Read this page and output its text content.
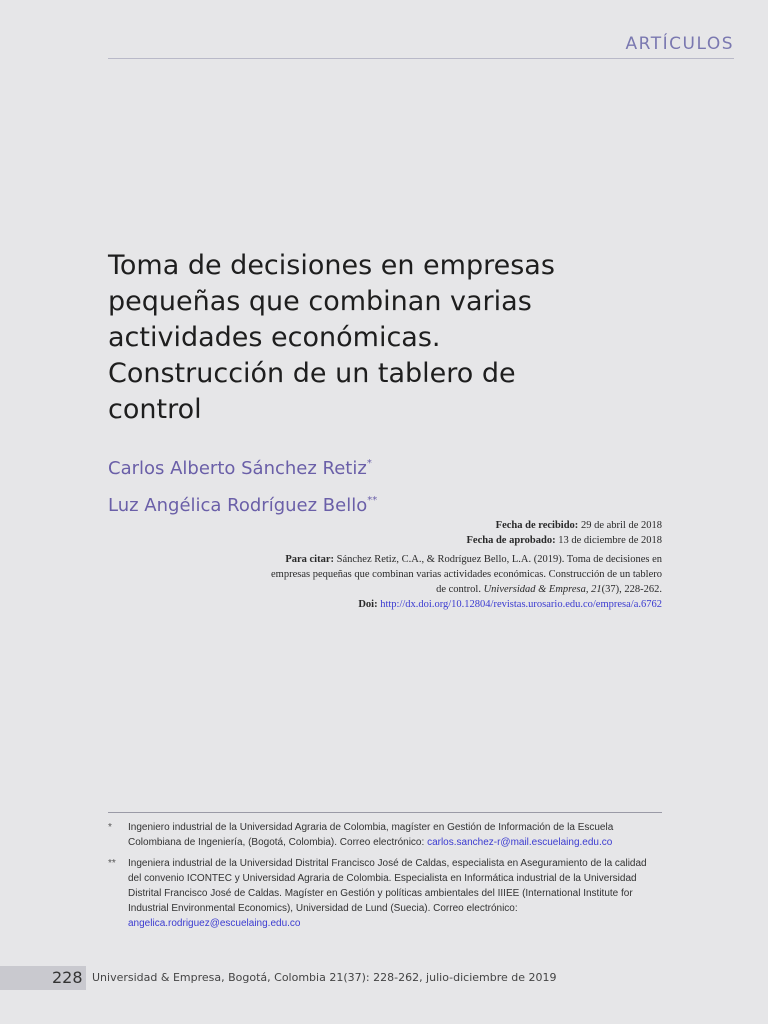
ARTÍCULOS
Toma de decisiones en empresas pequeñas que combinan varias actividades económicas. Construcción de un tablero de control
Carlos Alberto Sánchez Retiz*
Luz Angélica Rodríguez Bello**
Fecha de recibido: 29 de abril de 2018
Fecha de aprobado: 13 de diciembre de 2018
Para citar: Sánchez Retiz, C.A., & Rodríguez Bello, L.A. (2019). Toma de decisiones en empresas pequeñas que combinan varias actividades económicas. Construcción de un tablero de control. Universidad & Empresa, 21(37), 228-262.
Doi: http://dx.doi.org/10.12804/revistas.urosario.edu.co/empresa/a.6762
* Ingeniero industrial de la Universidad Agraria de Colombia, magíster en Gestión de Información de la Escuela Colombiana de Ingeniería, (Bogotá, Colombia). Correo electrónico: carlos.sanchez-r@mail.escuelaing.edu.co
** Ingeniera industrial de la Universidad Distrital Francisco José de Caldas, especialista en Aseguramiento de la calidad del convenio ICONTEC y Universidad Agraria de Colombia. Especialista en Informática industrial de la Universidad Distrital Francisco José de Caldas. Magíster en Gestión y políticas ambientales del IIIEE (International Institute for Industrial Environmental Economics), Universidad de Lund (Suecia). Correo electrónico: angelica.rodriguez@escuelaing.edu.co
228 Universidad & Empresa, Bogotá, Colombia 21(37): 228-262, julio-diciembre de 2019
